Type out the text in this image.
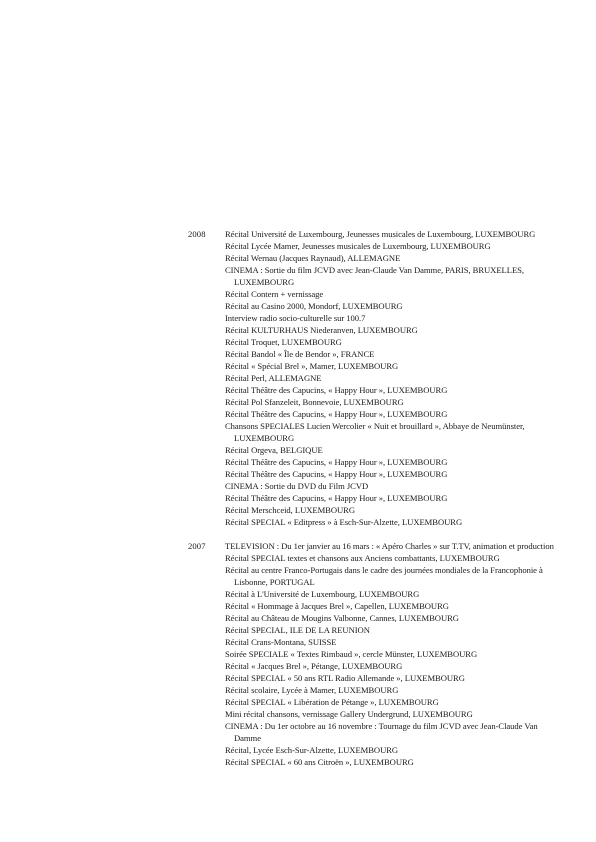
2008 Récital Université de Luxembourg, Jeunesses musicales de Luxembourg, LUXEMBOURG
Récital Lycée Mamer, Jeunesses musicales de Luxembourg, LUXEMBOURG
Récital Wernau (Jacques Raynaud), ALLEMAGNE
CINEMA : Sortie du film JCVD avec Jean-Claude Van Damme, PARIS, BRUXELLES, LUXEMBOURG
Récital Contern + vernissage
Récital au Casino 2000, Mondorf, LUXEMBOURG
Interview radio socio-culturelle sur 100.7
Récital KULTURHAUS Niederanven, LUXEMBOURG
Récital Troquet, LUXEMBOURG
Récital Bandol « Île de Bendor », FRANCE
Récital « Spécial Brel », Mamer, LUXEMBOURG
Récital Perl, ALLEMAGNE
Récital Théâtre des Capucins, « Happy Hour », LUXEMBOURG
Récital Pol Sfanzeleit, Bonnevoie, LUXEMBOURG
Récital Théâtre des Capucins, « Happy Hour », LUXEMBOURG
Chansons SPECIALES Lucien Wercolier « Nuit et brouillard », Abbaye de Neumünster, LUXEMBOURG
Récital Orgeva, BELGIQUE
Récital Théâtre des Capucins, « Happy Hour », LUXEMBOURG
Récital Théâtre des Capucins, « Happy Hour », LUXEMBOURG
CINEMA : Sortie du DVD du Film JCVD
Récital Théâtre des Capucins, « Happy Hour », LUXEMBOURG
Récital Merschceid, LUXEMBOURG
Récital SPECIAL « Editpress » à Esch-Sur-Alzette, LUXEMBOURG
2007 TELEVISION : Du 1er janvier au 16 mars : « Apéro Charles » sur T.TV, animation et production
Récital SPECIAL textes et chansons aux Anciens combattants, LUXEMBOURG
Récital au centre Franco-Portugais dans le cadre des journées mondiales de la Francophonie à Lisbonne, PORTUGAL
Récital à L'Université de Luxembourg, LUXEMBOURG
Récital « Hommage à Jacques Brel », Capellen, LUXEMBOURG
Récital au Château de Mougins Valbonne, Cannes, LUXEMBOURG
Récital SPECIAL, ILE DE LA REUNION
Récital Crans-Montana, SUISSE
Soirée SPECIALE « Textes Rimbaud », cercle Münster, LUXEMBOURG
Récital « Jacques Brel », Pétange, LUXEMBOURG
Récital SPECIAL « 50 ans RTL Radio Allemande », LUXEMBOURG
Récital scolaire, Lycée à Mamer, LUXEMBOURG
Récital SPECIAL « Libération de Pétange », LUXEMBOURG
Mini récital chansons, vernissage Gallery Undergrund, LUXEMBOURG
CINEMA : Du 1er octobre au 16 novembre : Tournage du film JCVD avec Jean-Claude Van Damme
Récital, Lycée Esch-Sur-Alzette, LUXEMBOURG
Récital SPECIAL « 60 ans Citroën », LUXEMBOURG
